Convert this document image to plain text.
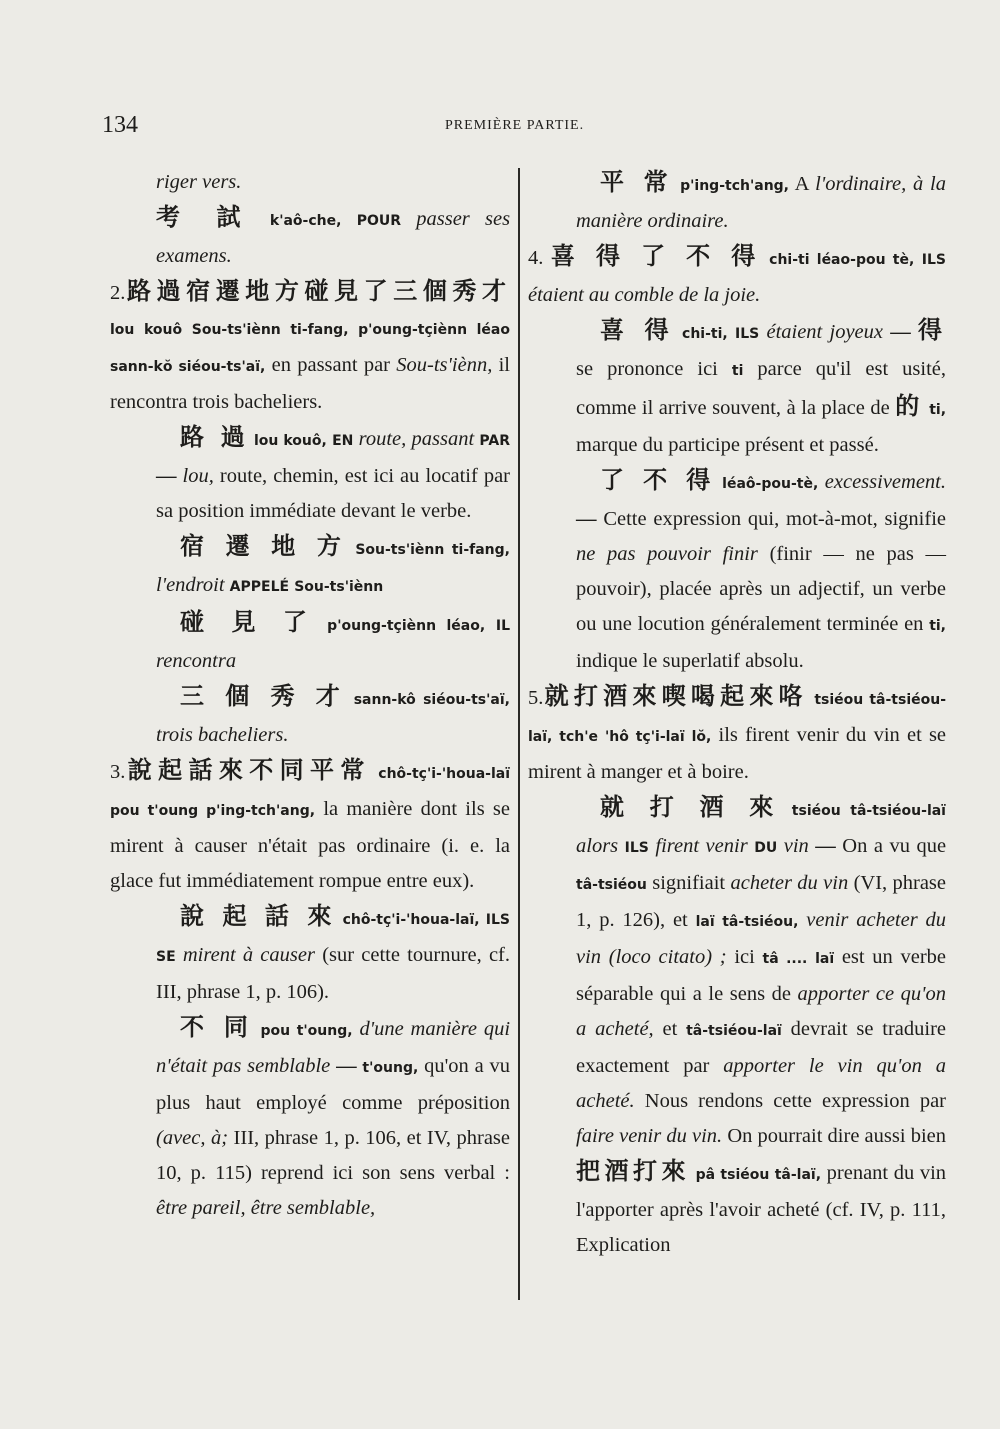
134	PREMIÈRE PARTIE.

riger vers.

考 試 k'aô-che, POUR passer ses examens.

2.路過宿遷地方碰見了三個秀才 lou kouô Sou-ts'iènn ti-fang, p'oung-tçiènn léao sann-kŏ siéou-ts'aï, en passant par Sou-ts'iènn, il rencontra trois bacheliers.

路 過 lou kouô, EN route, passant PAR — lou, route, chemin, est ici au locatif par sa position immédiate devant le verbe.

宿 遷 地 方 Sou-ts'iènn ti-fang, l'endroit APPELÉ Sou-ts'iènn

碰 見 了 p'oung-tçiènn léao, IL rencontra

三 個 秀 才 sann-kô siéou-ts'aï, trois bacheliers.

3.說起話來不同平常 chô-tç'i-'houa-laï pou t'oung p'ing-tch'ang, la manière dont ils se mirent à causer n'était pas ordinaire (i. e. la glace fut immédiatement rompue entre eux).

說 起 話 來 chô-tç'i-'houa-laï, ILS SE mirent à causer (sur cette tournure, cf. III, phrase 1, p. 106).

不 同 pou t'oung, d'une manière qui n'était pas semblable — t'oung, qu'on a vu plus haut employé comme préposition (avec, à; III, phrase 1, p. 106, et IV, phrase 10, p. 115) reprend ici son sens verbal : être pareil, être semblable,

平 常 p'ing-tch'ang, A l'ordinaire, à la manière ordinaire.

4. 喜 得 了 不 得 chi-ti léao-pou tè, ILS étaient au comble de la joie.

喜 得 chi-ti, ILS étaient joyeux — 得 se prononce ici ti parce qu'il est usité, comme il arrive souvent, à la place de 的 ti, marque du participe présent et passé.

了 不 得 léaô-pou-tè, excessivement. — Cette expression qui, mot-à-mot, signifie ne pas pouvoir finir (finir — ne pas — pouvoir), placée après un adjectif, un verbe ou une locution généralement terminée en ti, indique le superlatif absolu.

5.就打酒來喫喝起來咯 tsiéou tâ-tsiéou-laï, tch'e 'hô tç'i-laï lŏ, ils firent venir du vin et se mirent à manger et à boire.

就 打 酒 來 tsiéou tâ-tsiéou-laï alors ILS firent venir DU vin — On a vu que tâ-tsiéou signifiait acheter du vin (VI, phrase 1, p. 126), et laï tâ-tsiéou, venir acheter du vin (loco citato) ; ici tâ .... laï est un verbe séparable qui a le sens de apporter ce qu'on a acheté, et tâ-tsiéou-laï devrait se traduire exactement par apporter le vin qu'on a acheté. Nous rendons cette expression par faire venir du vin. On pourrait dire aussi bien 把酒打來 pâ tsiéou tâ-laï, prenant du vin l'apporter après l'avoir acheté (cf. IV, p. 111, Explication
